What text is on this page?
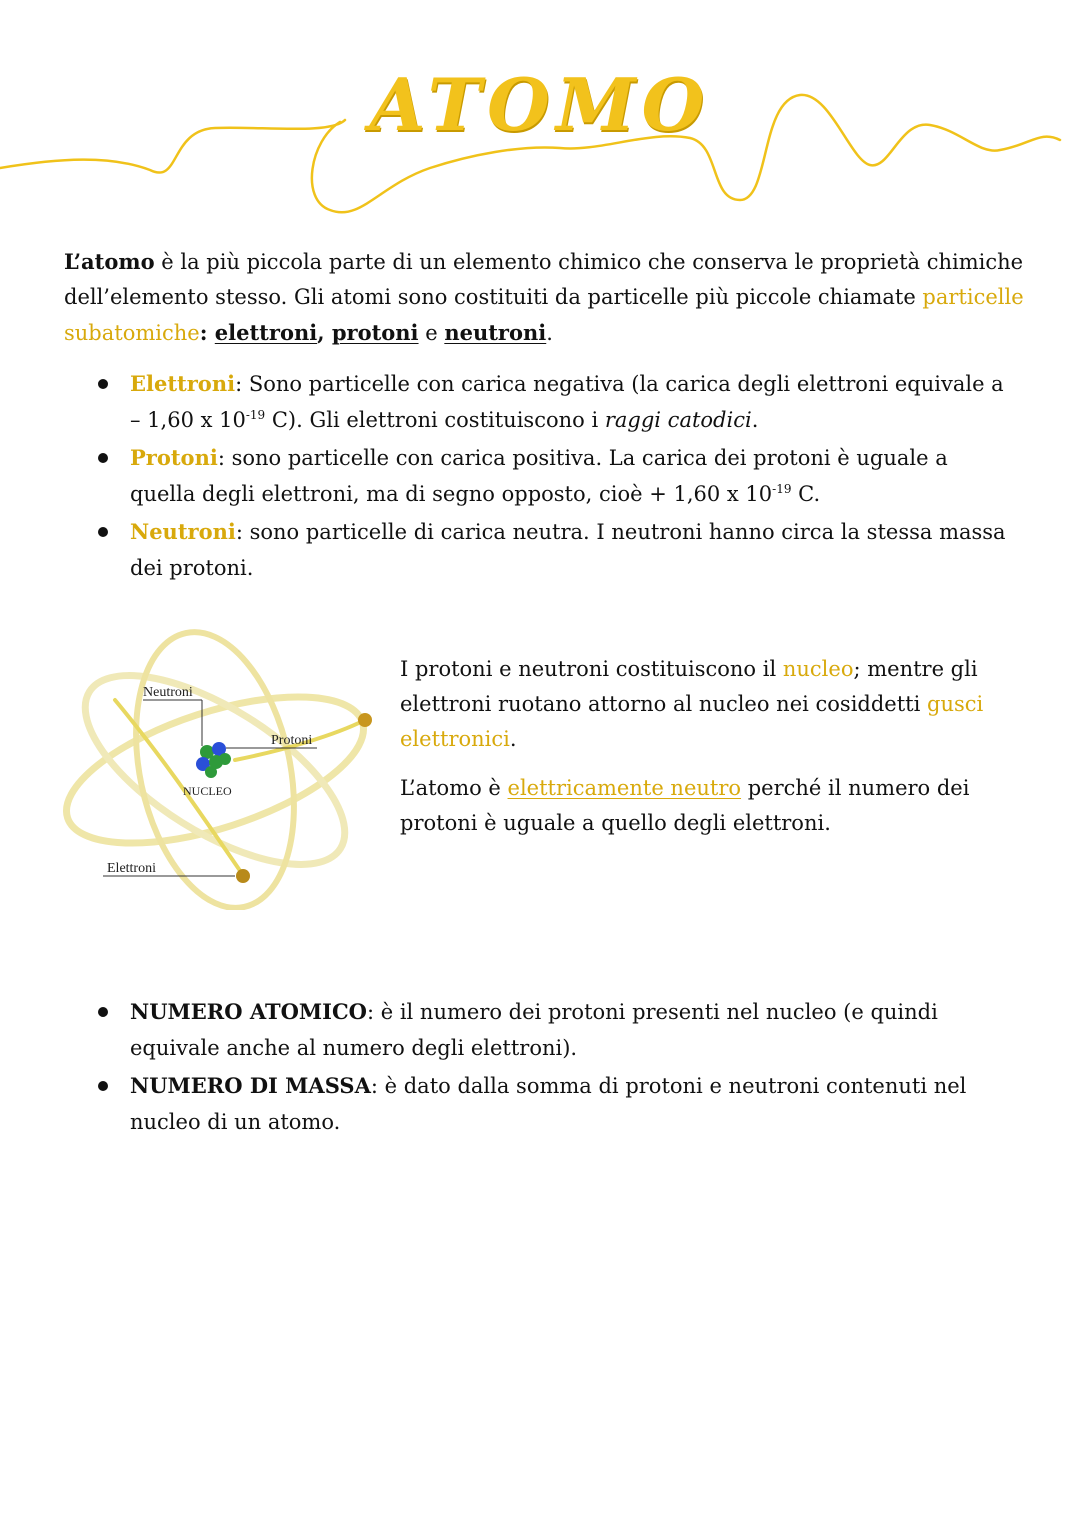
ATOMO
L’atomo è la più piccola parte di un elemento chimico che conserva le proprietà chimiche dell’elemento stesso. Gli atomi sono costituiti da particelle più piccole chiamate particelle subatomiche: elettroni, protoni e neutroni.
Elettroni: Sono particelle con carica negativa (la carica degli elettroni equivale a – 1,60 x $10^{-19}$ C). Gli elettroni costituiscono i raggi catodici.
Protoni: sono particelle con carica positiva. La carica dei protoni è uguale a quella degli elettroni, ma di segno opposto, cioè + 1,60 x $10^{-19}$ C.
Neutroni: sono particelle di carica neutra. I neutroni hanno circa la stessa massa dei protoni.
Neutroni
Protoni
NUCLEO
Elettroni

I protoni e neutroni costituiscono il nucleo; mentre gli elettroni ruotano attorno al nucleo nei cosiddetti gusci elettronici.

L’atomo è elettricamente neutro perché il numero dei protoni è uguale a quello degli elettroni.

NUMERO ATOMICO: è il numero dei protoni presenti nel nucleo (e quindi equivale anche al numero degli elettroni).
NUMERO DI MASSA: è dato dalla somma di protoni e neutroni contenuti nel nucleo di un atomo.
